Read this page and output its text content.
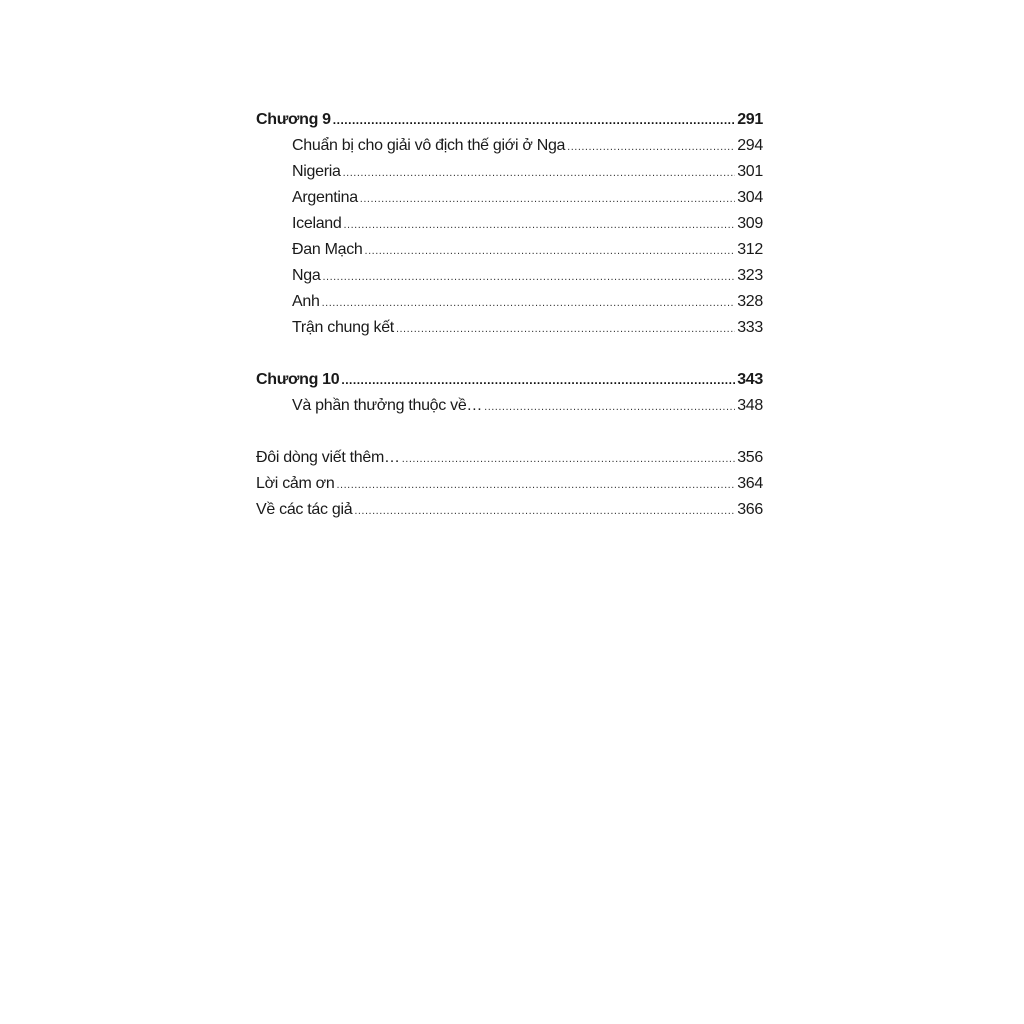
Chương 9 .....	291
Chuẩn bị cho giải vô địch thế giới ở Nga .....	294
Nigeria .....	301
Argentina .....	304
Iceland .....	309
Đan Mạch .....	312
Nga .....	323
Anh .....	328
Trận chung kết .....	333
Chương 10 .....	343
Và phần thưởng thuộc về… .....	348
Đôi dòng viết thêm… .....	356
Lời cảm ơn .....	364
Về các tác giả .....	366
